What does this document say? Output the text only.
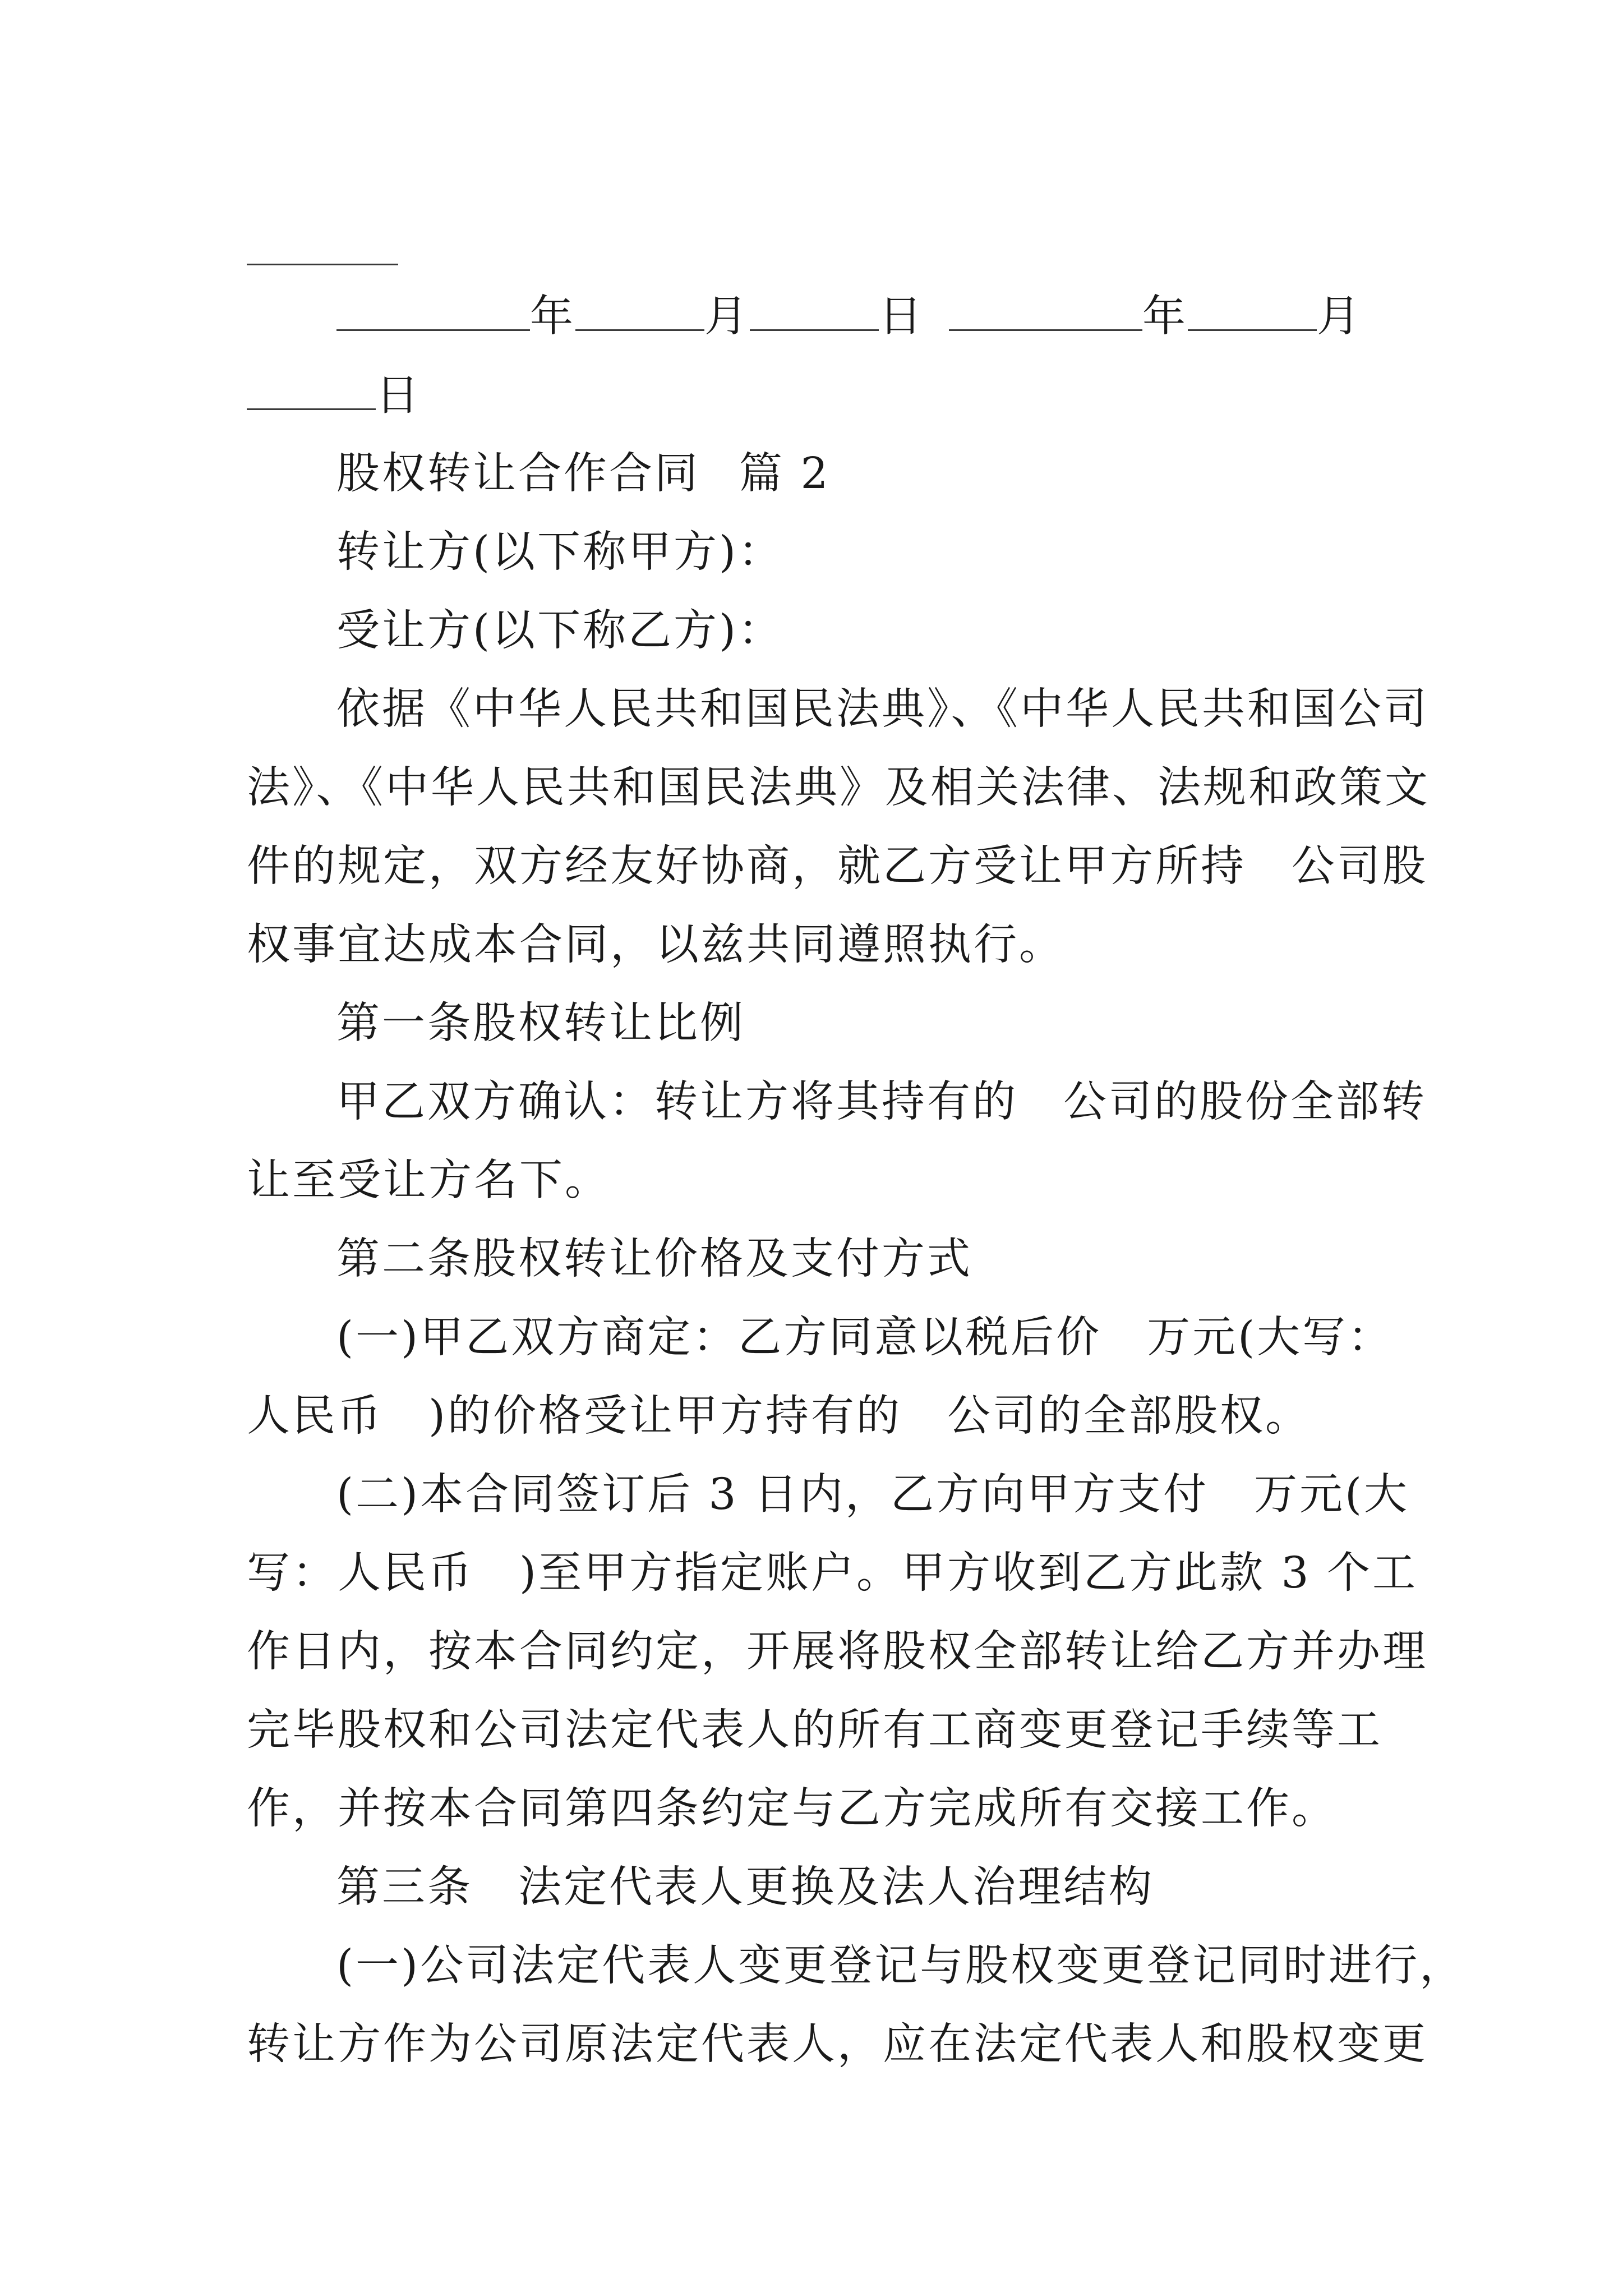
年	月	日	年	月
日
股权转让合作合同 篇 2
转让方(以下称甲方)：
受让方(以下称乙方)：
依据《中华人民共和国民法典》、《中华人民共和国公司
法》、《中华人民共和国民法典》及相关法律、法规和政策文
件的规定，双方经友好协商，就乙方受让甲方所持　公司股
权事宜达成本合同，以兹共同遵照执行。
第一条股权转让比例
甲乙双方确认：转让方将其持有的　公司的股份全部转
让至受让方名下。
第二条股权转让价格及支付方式
(一)甲乙双方商定：乙方同意以税后价　万元(大写：
人民币　)的价格受让甲方持有的　公司的全部股权。
(二)本合同签订后 3 日内，乙方向甲方支付　万元(大
写：人民币　)至甲方指定账户。甲方收到乙方此款 3 个工
作日内，按本合同约定，开展将股权全部转让给乙方并办理
完毕股权和公司法定代表人的所有工商变更登记手续等工
作，并按本合同第四条约定与乙方完成所有交接工作。
第三条　法定代表人更换及法人治理结构
(一)公司法定代表人变更登记与股权变更登记同时进行，
转让方作为公司原法定代表人，应在法定代表人和股权变更
